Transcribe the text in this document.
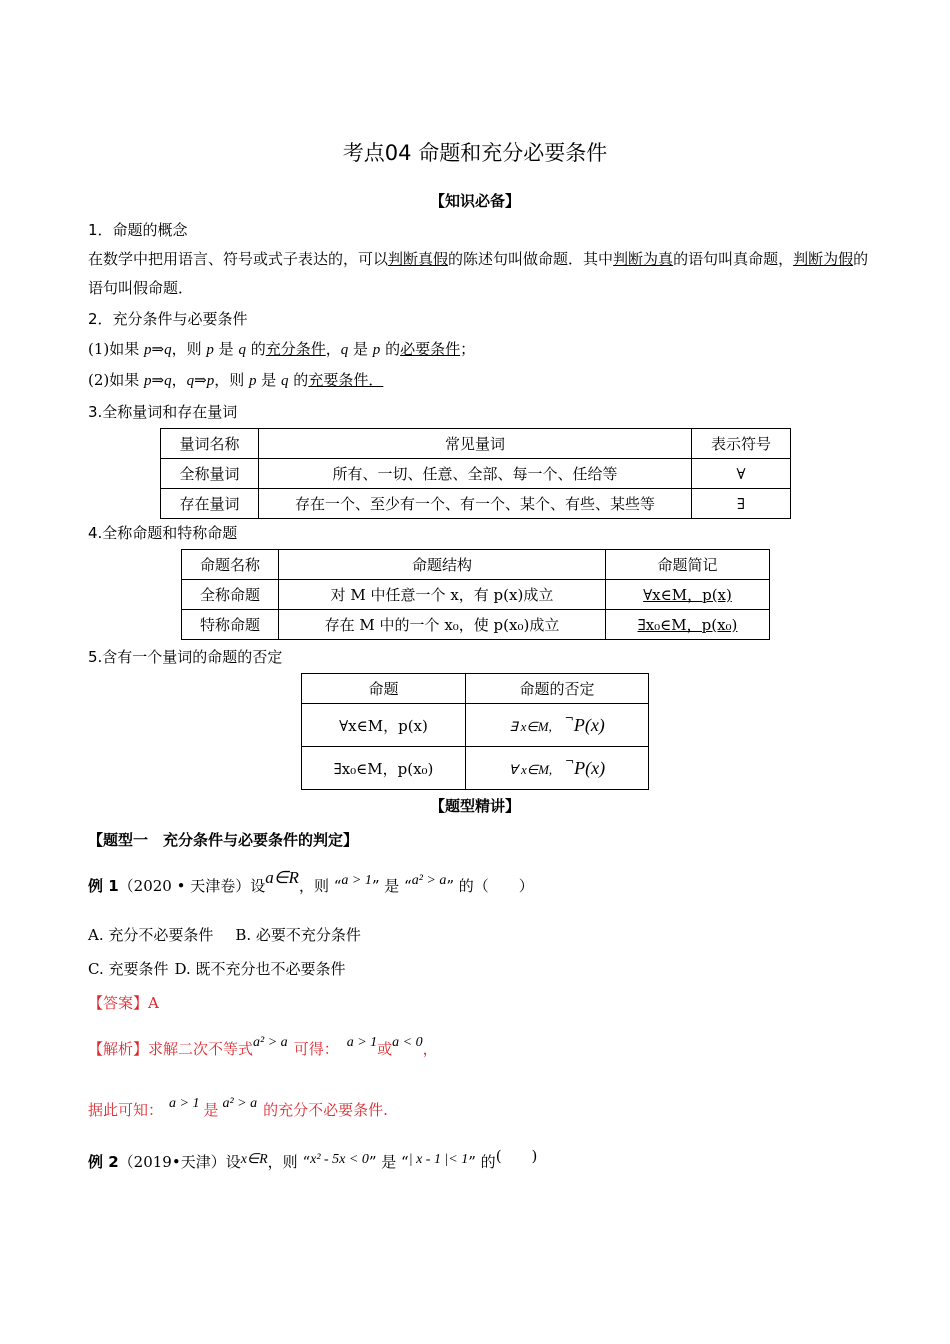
考点04 命题和充分必要条件
【知识必备】
1．命题的概念
在数学中把用语言、符号或式子表达的，可以判断真假的陈述句叫做命题．其中判断为真的语句叫真命题，判断为假的语句叫假命题．
2．充分条件与必要条件
(1)如果 p⇒q，则 p 是 q 的充分条件，q 是 p 的必要条件；
(2)如果 p⇒q，q⇒p，则 p 是 q 的充要条件．
3.全称量词和存在量词
量词名称	常见量词	表示符号
全称量词	所有、一切、任意、全部、每一个、任给等	∀
存在量词	存在一个、至少有一个、有一个、某个、有些、某些等	∃
4.全称命题和特称命题
命题名称	命题结构	命题简记
全称命题	对 M 中任意一个 x，有 p(x)成立	∀x∈M，p(x)
特称命题	存在 M 中的一个 x₀，使 p(x₀)成立	∃x₀∈M，p(x₀)
5.含有一个量词的命题的否定
命题	命题的否定
∀x∈M，p(x)	∃ x∈M, ¬P(x)
∃x₀∈M，p(x₀)	∀ x∈M, ¬P(x)
【题型精讲】
【题型一　充分条件与必要条件的判定】
例 1（2020 • 天津卷）设a∈R，则 “a > 1” 是 “a² > a” 的（　　）
A. 充分不必要条件 B. 必要不充分条件
C. 充要条件 D. 既不充分也不必要条件
【答案】A
【解析】求解二次不等式a² > a 可得： a > 1或a < 0，
据此可知： a > 1 是 a² > a 的充分不必要条件.
例 2（2019•天津）设x∈R，则 “x² - 5x < 0” 是 “| x - 1 |< 1” 的(　　)
